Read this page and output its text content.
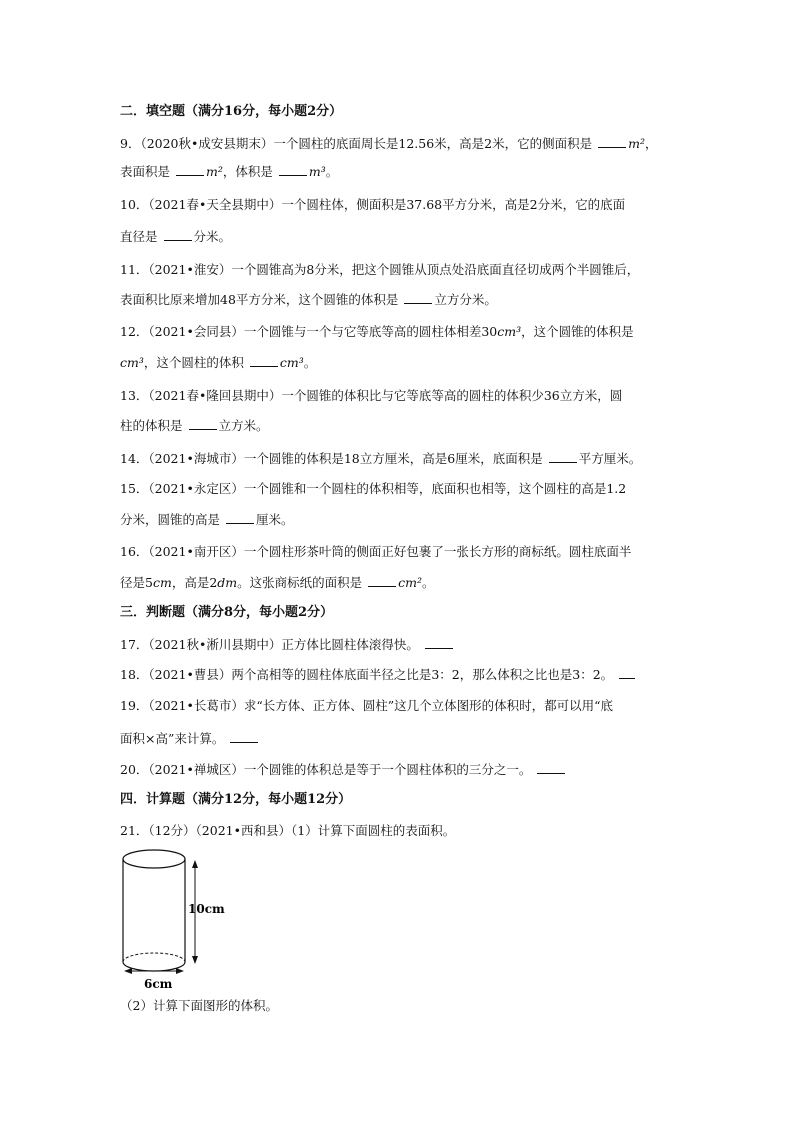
二．填空题（满分16分，每小题2分）
9．（2020秋•成安县期末）一个圆柱的底面周长是12.56米，高是2米，它的侧面积是	m²，
表面积是	m²，体积是	m³。
10．（2021春•天全县期中）一个圆柱体，侧面积是37.68平方分米，高是2分米，它的底面
直径是	分米。
11．（2021•淮安）一个圆锥高为8分米，把这个圆锥从顶点处沿底面直径切成两个半圆锥后，
表面积比原来增加48平方分米，这个圆锥的体积是	立方分米。
12．（2021•会同县）一个圆锥与一个与它等底等高的圆柱体相差30cm³，这个圆锥的体积是
cm³，这个圆柱的体积	cm³。
13．（2021春•隆回县期中）一个圆锥的体积比与它等底等高的圆柱的体积少36立方米，圆
柱的体积是	立方米。
14．（2021•海城市）一个圆锥的体积是18立方厘米，高是6厘米，底面积是	平方厘米。
15．（2021•永定区）一个圆锥和一个圆柱的体积相等，底面积也相等，这个圆柱的高是1.2
分米，圆锥的高是	厘米。
16．（2021•南开区）一个圆柱形茶叶筒的侧面正好包裹了一张长方形的商标纸。圆柱底面半
径是5cm，高是2dm。这张商标纸的面积是	cm²。
三．判断题（满分8分，每小题2分）
17．（2021秋•淅川县期中）正方体比圆柱体滚得快。
18．（2021•曹县）两个高相等的圆柱体底面半径之比是3：2，那么体积之比也是3：2。
19．（2021•长葛市）求“长方体、正方体、圆柱”这几个立体图形的体积时，都可以用“底
面积×高”来计算。
20．（2021•禅城区）一个圆锥的体积总是等于一个圆柱体积的三分之一。
四．计算题（满分12分，每小题12分）
21．（12分）（2021•西和县）（1）计算下面圆柱的表面积。
10cm
6cm
（2）计算下面图形的体积。
